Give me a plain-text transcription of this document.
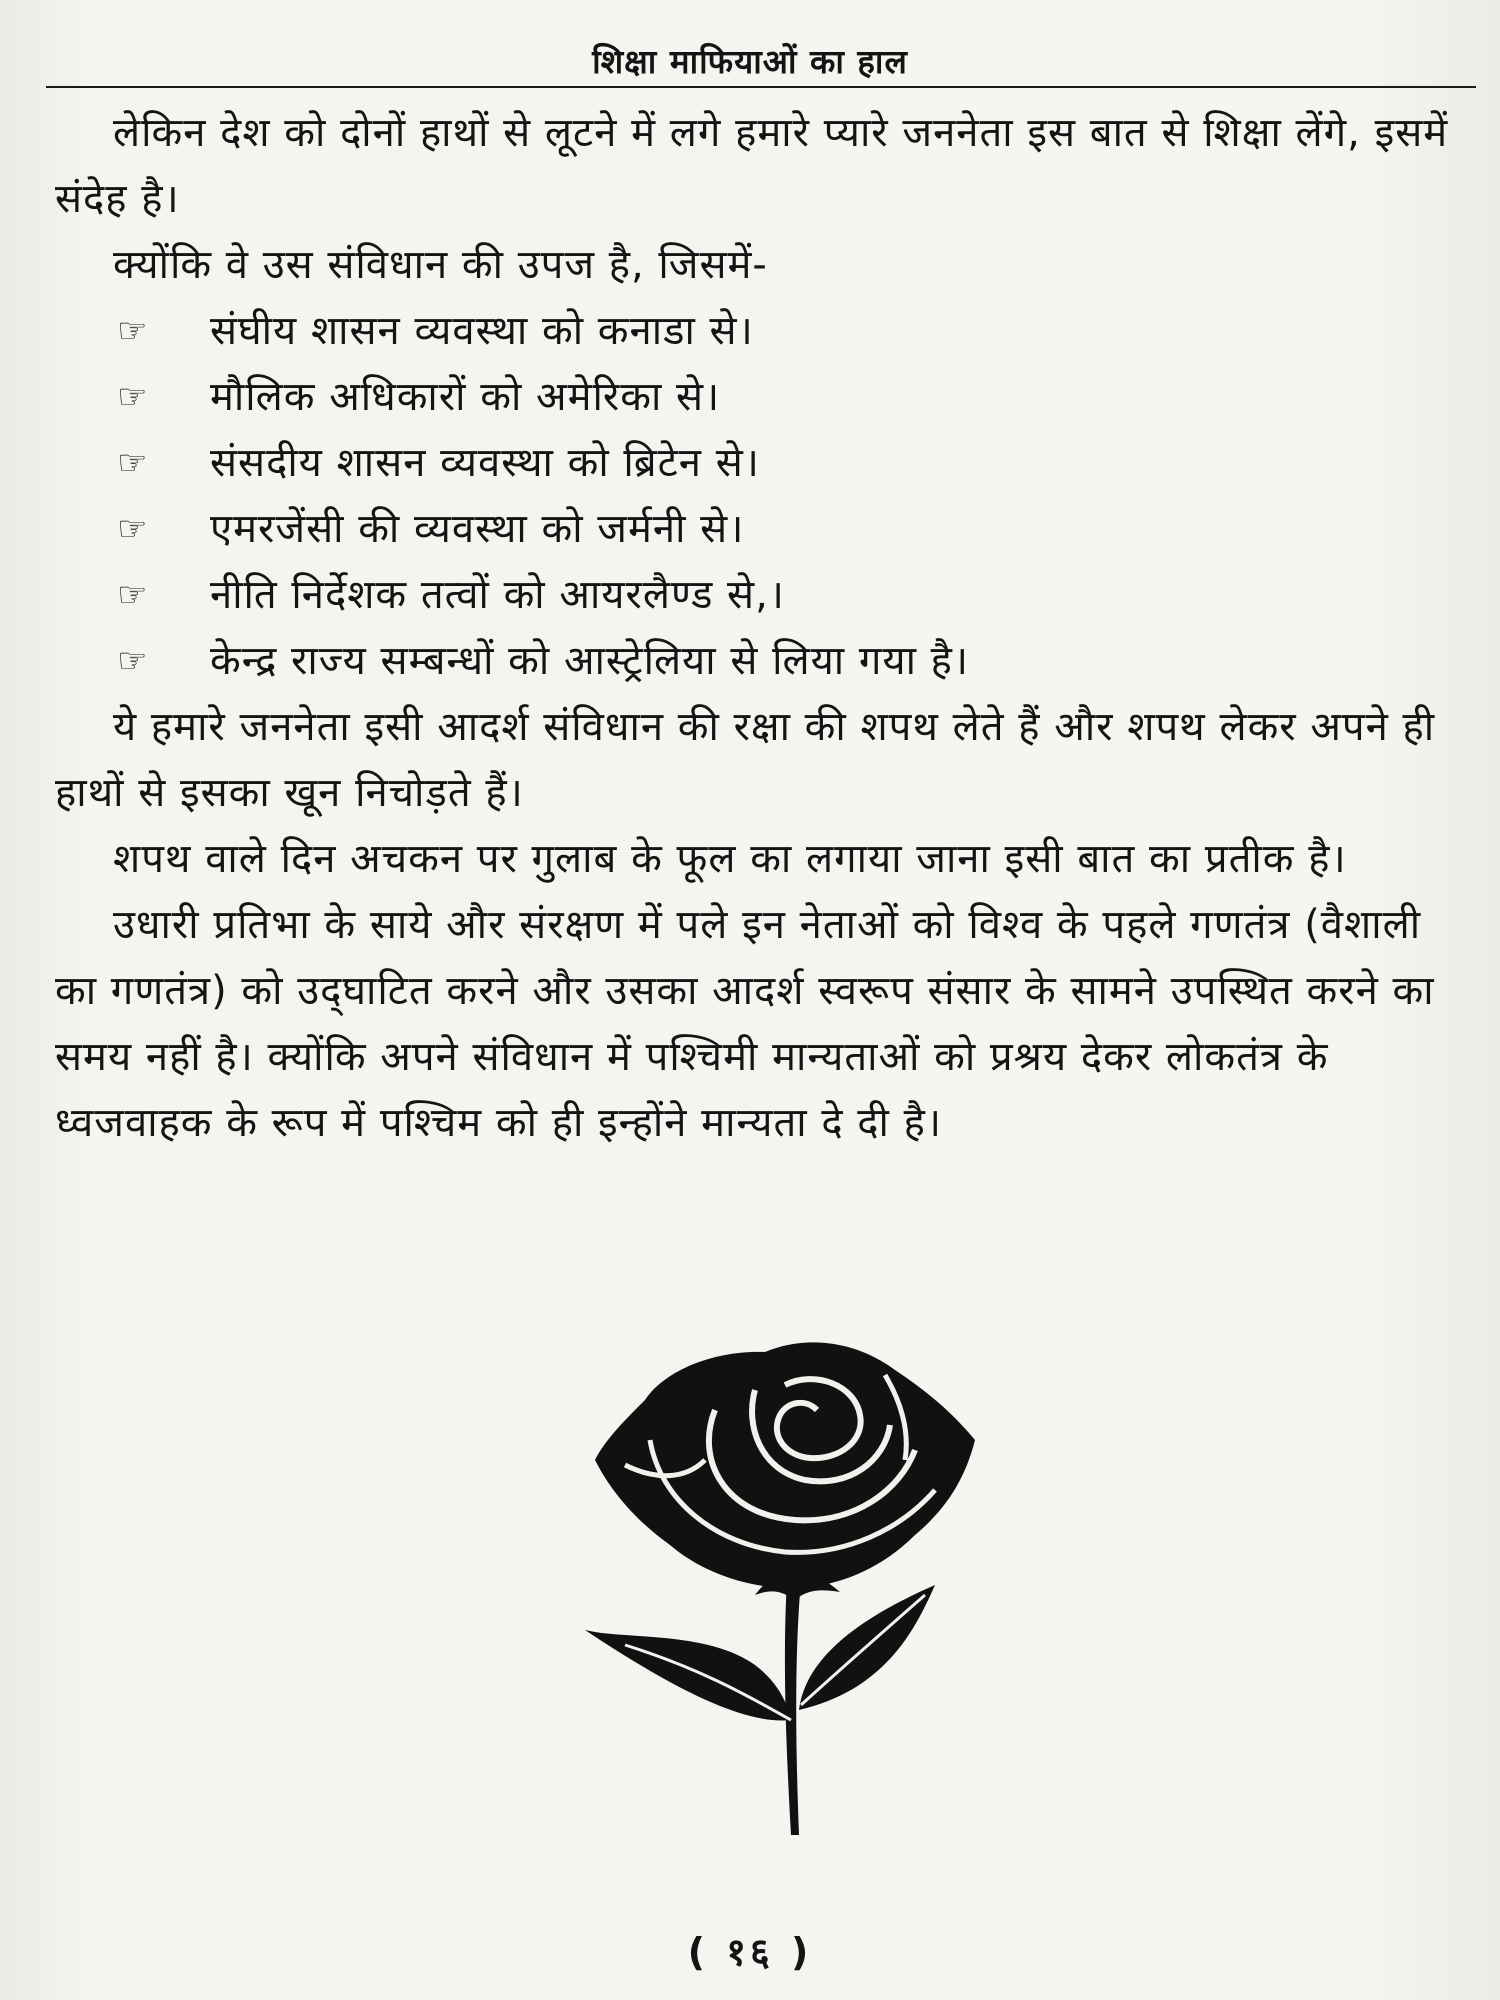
शिक्षा माफियाओं का हाल

लेकिन देश को दोनों हाथों से लूटने में लगे हमारे प्यारे जननेता इस बात से शिक्षा लेंगे, इसमें संदेह है।

क्योंकि वे उस संविधान की उपज है, जिसमें-

☞	संघीय शासन व्यवस्था को कनाडा से।
☞	मौलिक अधिकारों को अमेरिका से।
☞	संसदीय शासन व्यवस्था को ब्रिटेन से।
☞	एमरजेंसी की व्यवस्था को जर्मनी से।
☞	नीति निर्देशक तत्वों को आयरलैण्ड से,।
☞	केन्द्र राज्य सम्बन्धों को आस्ट्रेलिया से लिया गया है।

ये हमारे जननेता इसी आदर्श संविधान की रक्षा की शपथ लेते हैं और शपथ लेकर अपने ही हाथों से इसका खून निचोड़ते हैं।

शपथ वाले दिन अचकन पर गुलाब के फूल का लगाया जाना इसी बात का प्रतीक है।

उधारी प्रतिभा के साये और संरक्षण में पले इन नेताओं को विश्व के पहले गणतंत्र (वैशाली का गणतंत्र) को उद्‌घाटित करने और उसका आदर्श स्वरूप संसार के सामने उपस्थित करने का समय नहीं है। क्योंकि अपने संविधान में पश्चिमी मान्यताओं को प्रश्रय देकर लोकतंत्र के ध्वजवाहक के रूप में पश्चिम को ही इन्होंने मान्यता दे दी है।

( १६ )
